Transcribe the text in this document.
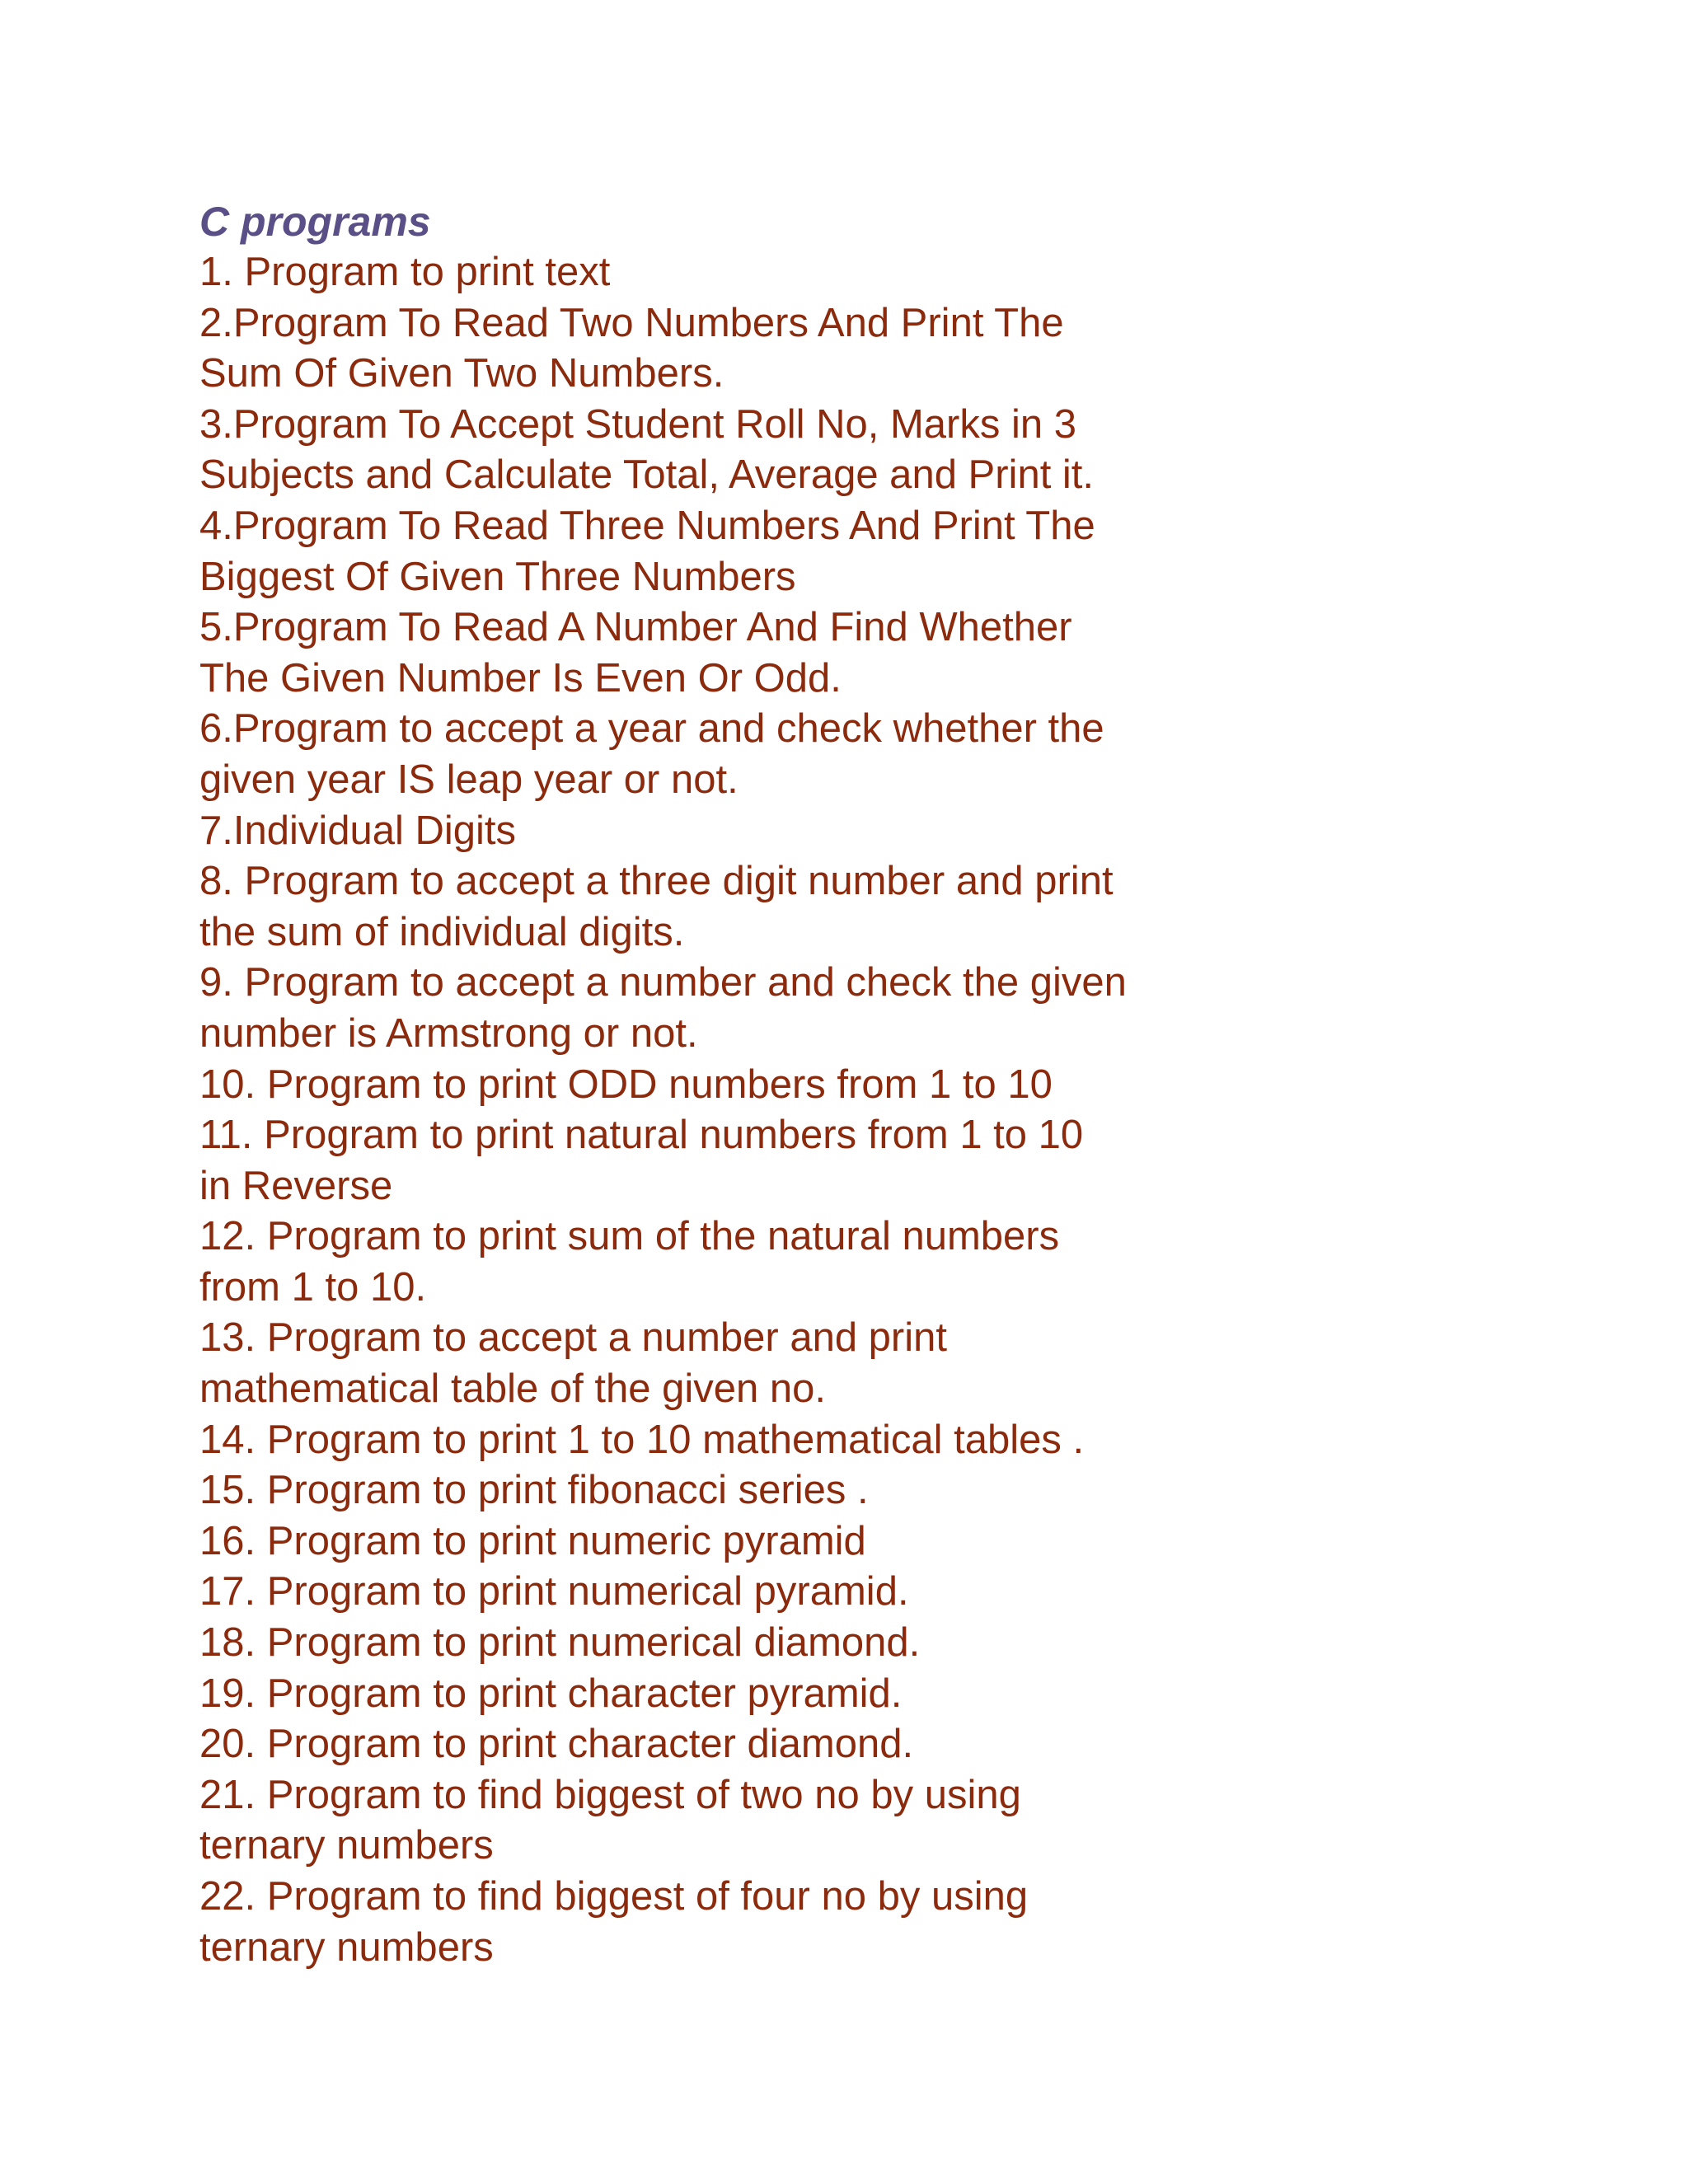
C programs
1. Program to print text
2.Program To Read Two Numbers And Print The
Sum Of Given Two Numbers.
3.Program To Accept Student Roll No, Marks in 3
Subjects and Calculate Total, Average and Print it.
4.Program To Read Three Numbers And Print The
Biggest Of Given Three Numbers
5.Program To Read A Number And Find Whether
The Given Number Is Even Or Odd.
6.Program to accept a year and check whether the
given year IS leap year or not.
7.Individual Digits
8. Program to accept a three digit number and print
the sum of individual digits.
9. Program to accept a number and check the given
number is Armstrong or not.
10. Program to print ODD numbers from 1 to 10
11. Program to print natural numbers from 1 to 10
in Reverse
12. Program to print sum of the natural numbers
from 1 to 10.
13. Program to accept a number and print
mathematical table of the given no.
14. Program to print 1 to 10 mathematical tables .
15. Program to print fibonacci series .
16. Program to print numeric pyramid
17. Program to print numerical pyramid.
18. Program to print numerical diamond.
19. Program to print character pyramid.
20. Program to print character diamond.
21. Program to find biggest of two no by using
ternary numbers
22. Program to find biggest of four no by using
ternary numbers
